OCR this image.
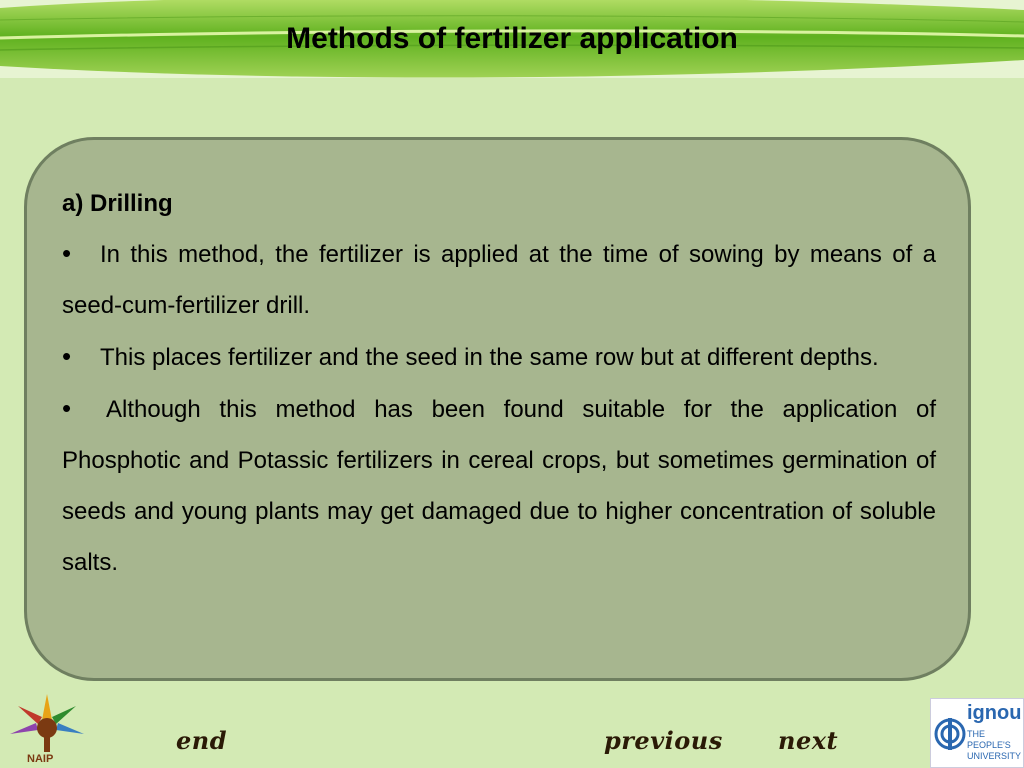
Methods of fertilizer application
a) Drilling

• In this method, the fertilizer is applied at the time of sowing by means of a seed-cum-fertilizer drill.

• This places fertilizer and the seed in the same row but at different depths.

• Although this method has been found suitable for the application of Phosphotic and Potassic fertilizers in cereal crops, but sometimes germination of seeds and young plants may get damaged due to higher concentration of soluble salts.

NAIP
end	previous next
ignou
THE PEOPLE'S
UNIVERSITY
